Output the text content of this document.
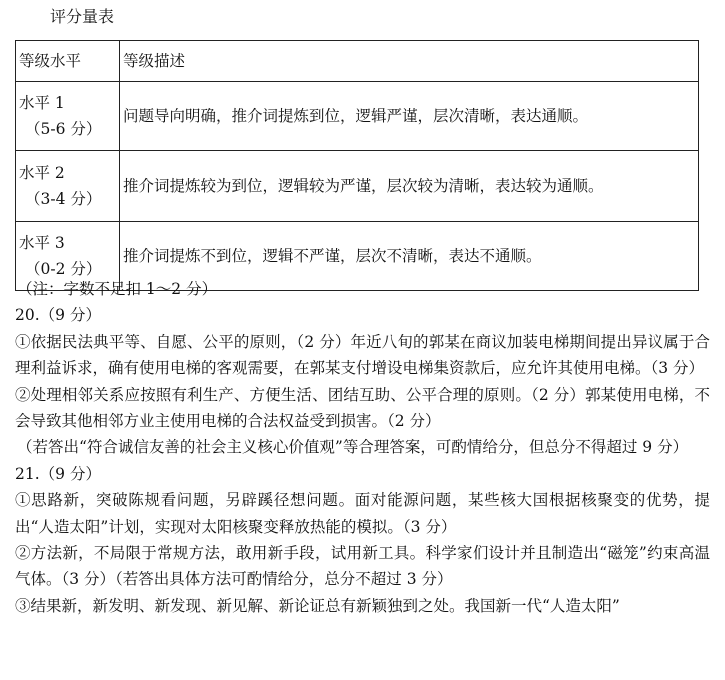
评分量表
等级水平	等级描述
水平 1
（5-6 分）	问题导向明确，推介词提炼到位，逻辑严谨，层次清晰，表达通顺。
水平 2
（3-4 分）	推介词提炼较为到位，逻辑较为严谨，层次较为清晰，表达较为通顺。
水平 3
（0-2 分）	推介词提炼不到位，逻辑不严谨，层次不清晰，表达不通顺。

（注：字数不足扣 1～2 分）

20.（9 分）

①依据民法典平等、自愿、公平的原则，（2 分）年近八旬的郭某在商议加装电梯期间提出异议属于合理利益诉求，确有使用电梯的客观需要，在郭某支付增设电梯集资款后，应允许其使用电梯。（3 分）

②处理相邻关系应按照有利生产、方便生活、团结互助、公平合理的原则。（2 分）郭某使用电梯，不会导致其他相邻方业主使用电梯的合法权益受到损害。（2 分）

（若答出“符合诚信友善的社会主义核心价值观”等合理答案，可酌情给分，但总分不得超过 9 分）

21.（9 分）

①思路新，突破陈规看问题，另辟蹊径想问题。面对能源问题，某些核大国根据核聚变的优势，提出“人造太阳”计划，实现对太阳核聚变释放热能的模拟。（3 分）

②方法新，不局限于常规方法，敢用新手段，试用新工具。科学家们设计并且制造出“磁笼”约束高温气体。（3 分）（若答出具体方法可酌情给分，总分不超过 3 分）

③结果新，新发明、新发现、新见解、新论证总有新颖独到之处。我国新一代“人造太阳”
